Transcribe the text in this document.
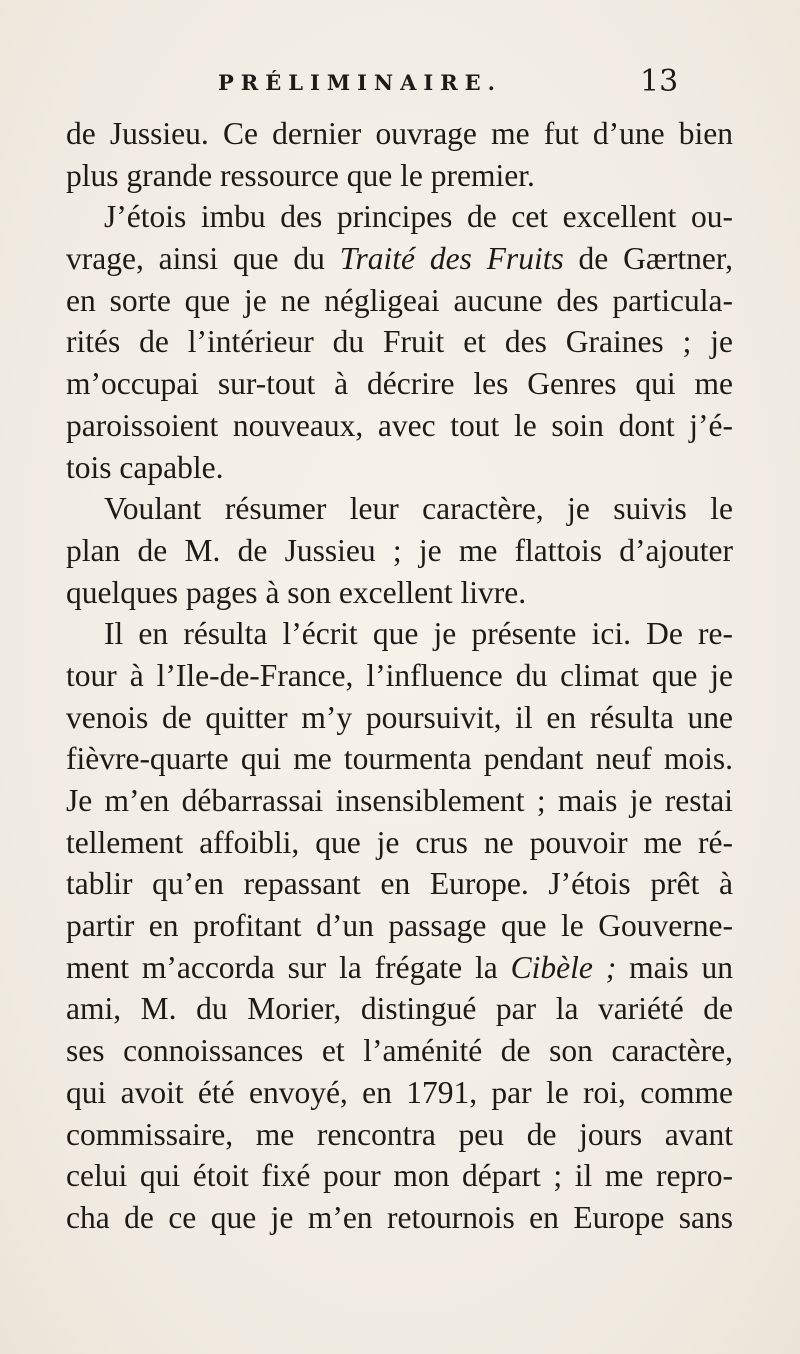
PRÉLIMINAIRE.	13
de Jussieu. Ce dernier ouvrage me fut d’une bien
plus grande ressource que le premier.
J’étois imbu des principes de cet excellent ou-
vrage, ainsi que du Traité des Fruits de Gærtner,
en sorte que je ne négligeai aucune des particula-
rités de l’intérieur du Fruit et des Graines ; je
m’occupai sur-tout à décrire les Genres qui me
paroissoient nouveaux, avec tout le soin dont j’é-
tois capable.
Voulant résumer leur caractère, je suivis le
plan de M. de Jussieu ; je me flattois d’ajouter
quelques pages à son excellent livre.
Il en résulta l’écrit que je présente ici. De re-
tour à l’Ile-de-France, l’influence du climat que je
venois de quitter m’y poursuivit, il en résulta une
fièvre-quarte qui me tourmenta pendant neuf mois.
Je m’en débarrassai insensiblement ; mais je restai
tellement affoibli, que je crus ne pouvoir me ré-
tablir qu’en repassant en Europe. J’étois prêt à
partir en profitant d’un passage que le Gouverne-
ment m’accorda sur la frégate la Cibèle ; mais un
ami, M. du Morier, distingué par la variété de
ses connoissances et l’aménité de son caractère,
qui avoit été envoyé, en 1791, par le roi, comme
commissaire, me rencontra peu de jours avant
celui qui étoit fixé pour mon départ ; il me repro-
cha de ce que je m’en retournois en Europe sans
